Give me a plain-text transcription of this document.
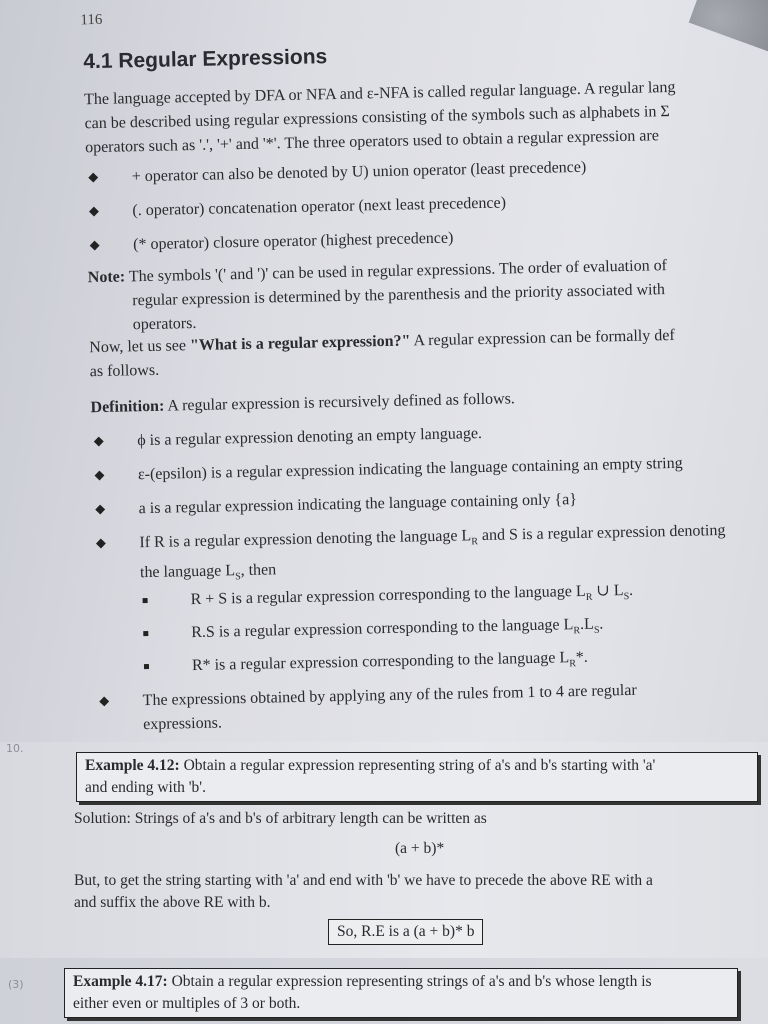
116
4.1 Regular Expressions
The language accepted by DFA or NFA and ε-NFA is called regular language. A regular lang
can be described using regular expressions consisting of the symbols such as alphabets in Σ
operators such as '.', '+' and '*'. The three operators used to obtain a regular expression are
+ operator can also be denoted by U) union operator (least precedence)
(. operator) concatenation operator (next least precedence)
(* operator) closure operator (highest precedence)
Note: The symbols '(' and ')' can be used in regular expressions. The order of evaluation of
regular expression is determined by the parenthesis and the priority associated with
operators.
Now, let us see "What is a regular expression?" A regular expression can be formally def
as follows.
Definition: A regular expression is recursively defined as follows.
ϕ is a regular expression denoting an empty language.
ε-(epsilon) is a regular expression indicating the language containing an empty string
a is a regular expression indicating the language containing only {a}
If R is a regular expression denoting the language $L_R$ and S is a regular expression denoting
the language $L_S$, then
R + S is a regular expression corresponding to the language $L_R$ ∪ $L_S$.
R.S is a regular expression corresponding to the language $L_R.L_S$.
R* is a regular expression corresponding to the language $L_R*$.
The expressions obtained by applying any of the rules from 1 to 4 are regular
expressions.
10.
Example 4.12: Obtain a regular expression representing string of a's and b's starting with 'a'
and ending with 'b'.
Solution: Strings of a's and b's of arbitrary length can be written as
(a + b)*
But, to get the string starting with 'a' and end with 'b' we have to precede the above RE with a
and suffix the above RE with b.
So, R.E is a (a + b)* b
(3)	Example 4.17: Obtain a regular expression representing strings of a's and b's whose length is
either even or multiples of 3 or both.
